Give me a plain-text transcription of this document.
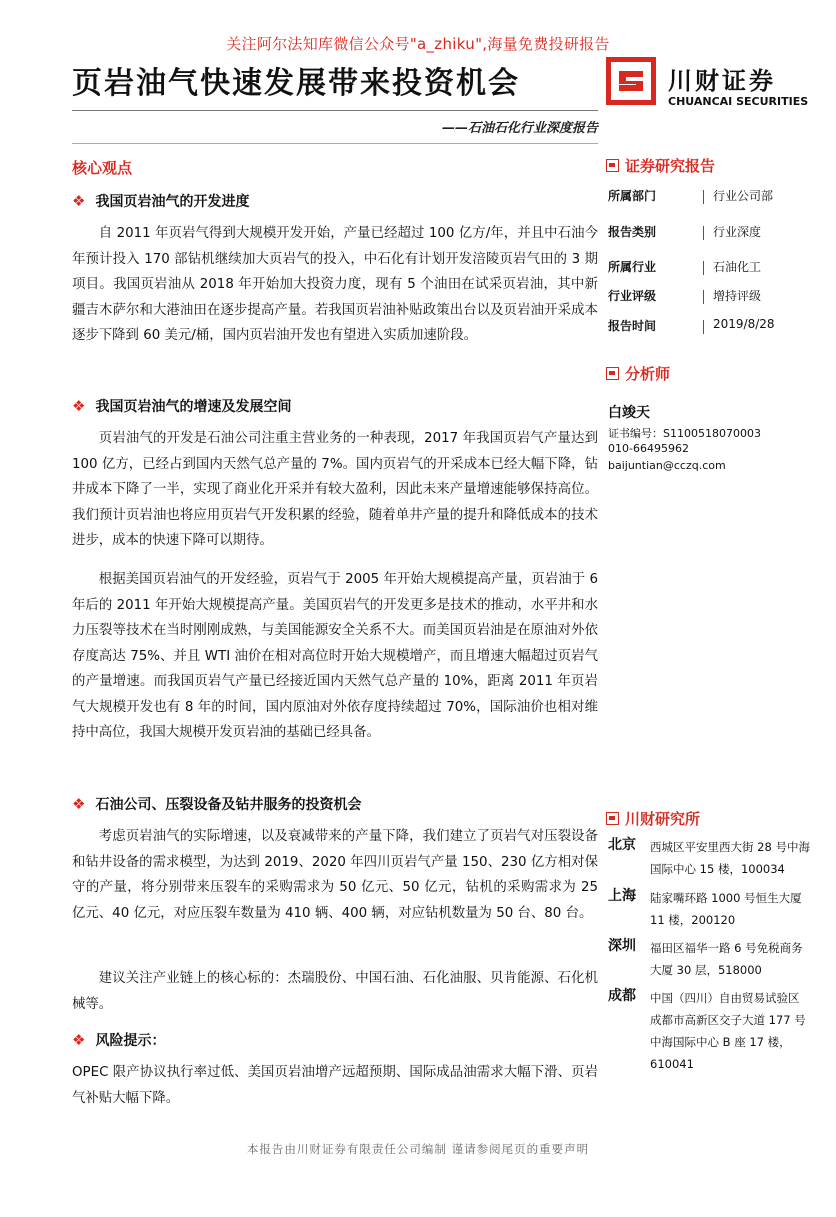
关注阿尔法知库微信公众号"a_zhiku",海量免费投研报告
页岩油气快速发展带来投资机会	川财证券
CHUANCAI SECURITIES
——石油石化行业深度报告
核心观点
❖ 我国页岩油气的开发进度
自 2011 年页岩气得到大规模开发开始，产量已经超过 100 亿方/年，并且中石油今年预计投入 170 部钻机继续加大页岩气的投入，中石化有计划开发涪陵页岩气田的 3 期项目。我国页岩油从 2018 年开始加大投资力度，现有 5 个油田在试采页岩油，其中新疆吉木萨尔和大港油田在逐步提高产量。若我国页岩油补贴政策出台以及页岩油开采成本逐步下降到 60 美元/桶，国内页岩油开发也有望进入实质加速阶段。
❖ 我国页岩油气的增速及发展空间
页岩油气的开发是石油公司注重主营业务的一种表现，2017 年我国页岩气产量达到 100 亿方，已经占到国内天然气总产量的 7%。国内页岩气的开采成本已经大幅下降，钻井成本下降了一半，实现了商业化开采并有较大盈利，因此未来产量增速能够保持高位。我们预计页岩油也将应用页岩气开发积累的经验，随着单井产量的提升和降低成本的技术进步，成本的快速下降可以期待。
根据美国页岩油气的开发经验，页岩气于 2005 年开始大规模提高产量，页岩油于 6 年后的 2011 年开始大规模提高产量。美国页岩气的开发更多是技术的推动，水平井和水力压裂等技术在当时刚刚成熟，与美国能源安全关系不大。而美国页岩油是在原油对外依存度高达 75%、并且 WTI 油价在相对高位时开始大规模增产，而且增速大幅超过页岩气的产量增速。而我国页岩气产量已经接近国内天然气总产量的 10%，距离 2011 年页岩气大规模开发也有 8 年的时间，国内原油对外依存度持续超过 70%，国际油价也相对维持中高位，我国大规模开发页岩油的基础已经具备。
❖ 石油公司、压裂设备及钻井服务的投资机会
考虑页岩油气的实际增速，以及衰减带来的产量下降，我们建立了页岩气对压裂设备和钻井设备的需求模型，为达到 2019、2020 年四川页岩气产量 150、230 亿方相对保守的产量，将分别带来压裂车的采购需求为 50 亿元、50 亿元，钻机的采购需求为 25 亿元、40 亿元，对应压裂车数量为 410 辆、400 辆，对应钻机数量为 50 台、80 台。
建议关注产业链上的核心标的：杰瑞股份、中国石油、石化油服、贝肯能源、石化机械等。
❖ 风险提示：
OPEC 限产协议执行率过低、美国页岩油增产远超预期、国际成品油需求大幅下滑、页岩气补贴大幅下降。
证券研究报告
所属部门	行业公司部
报告类别	行业深度
所属行业	石油化工
行业评级	增持评级
报告时间	2019/8/28
分析师
白竣天
证书编号：S1100518070003
010-66495962
baijuntian@cczq.com
川财研究所
北京 西城区平安里西大街 28 号中海国际中心 15 楼，100034
上海 陆家嘴环路 1000 号恒生大厦 11 楼，200120
深圳 福田区福华一路 6 号免税商务大厦 30 层，518000
成都 中国（四川）自由贸易试验区成都市高新区交子大道 177 号中海国际中心 B 座 17 楼，610041
本报告由川财证券有限责任公司编制 谨请参阅尾页的重要声明
